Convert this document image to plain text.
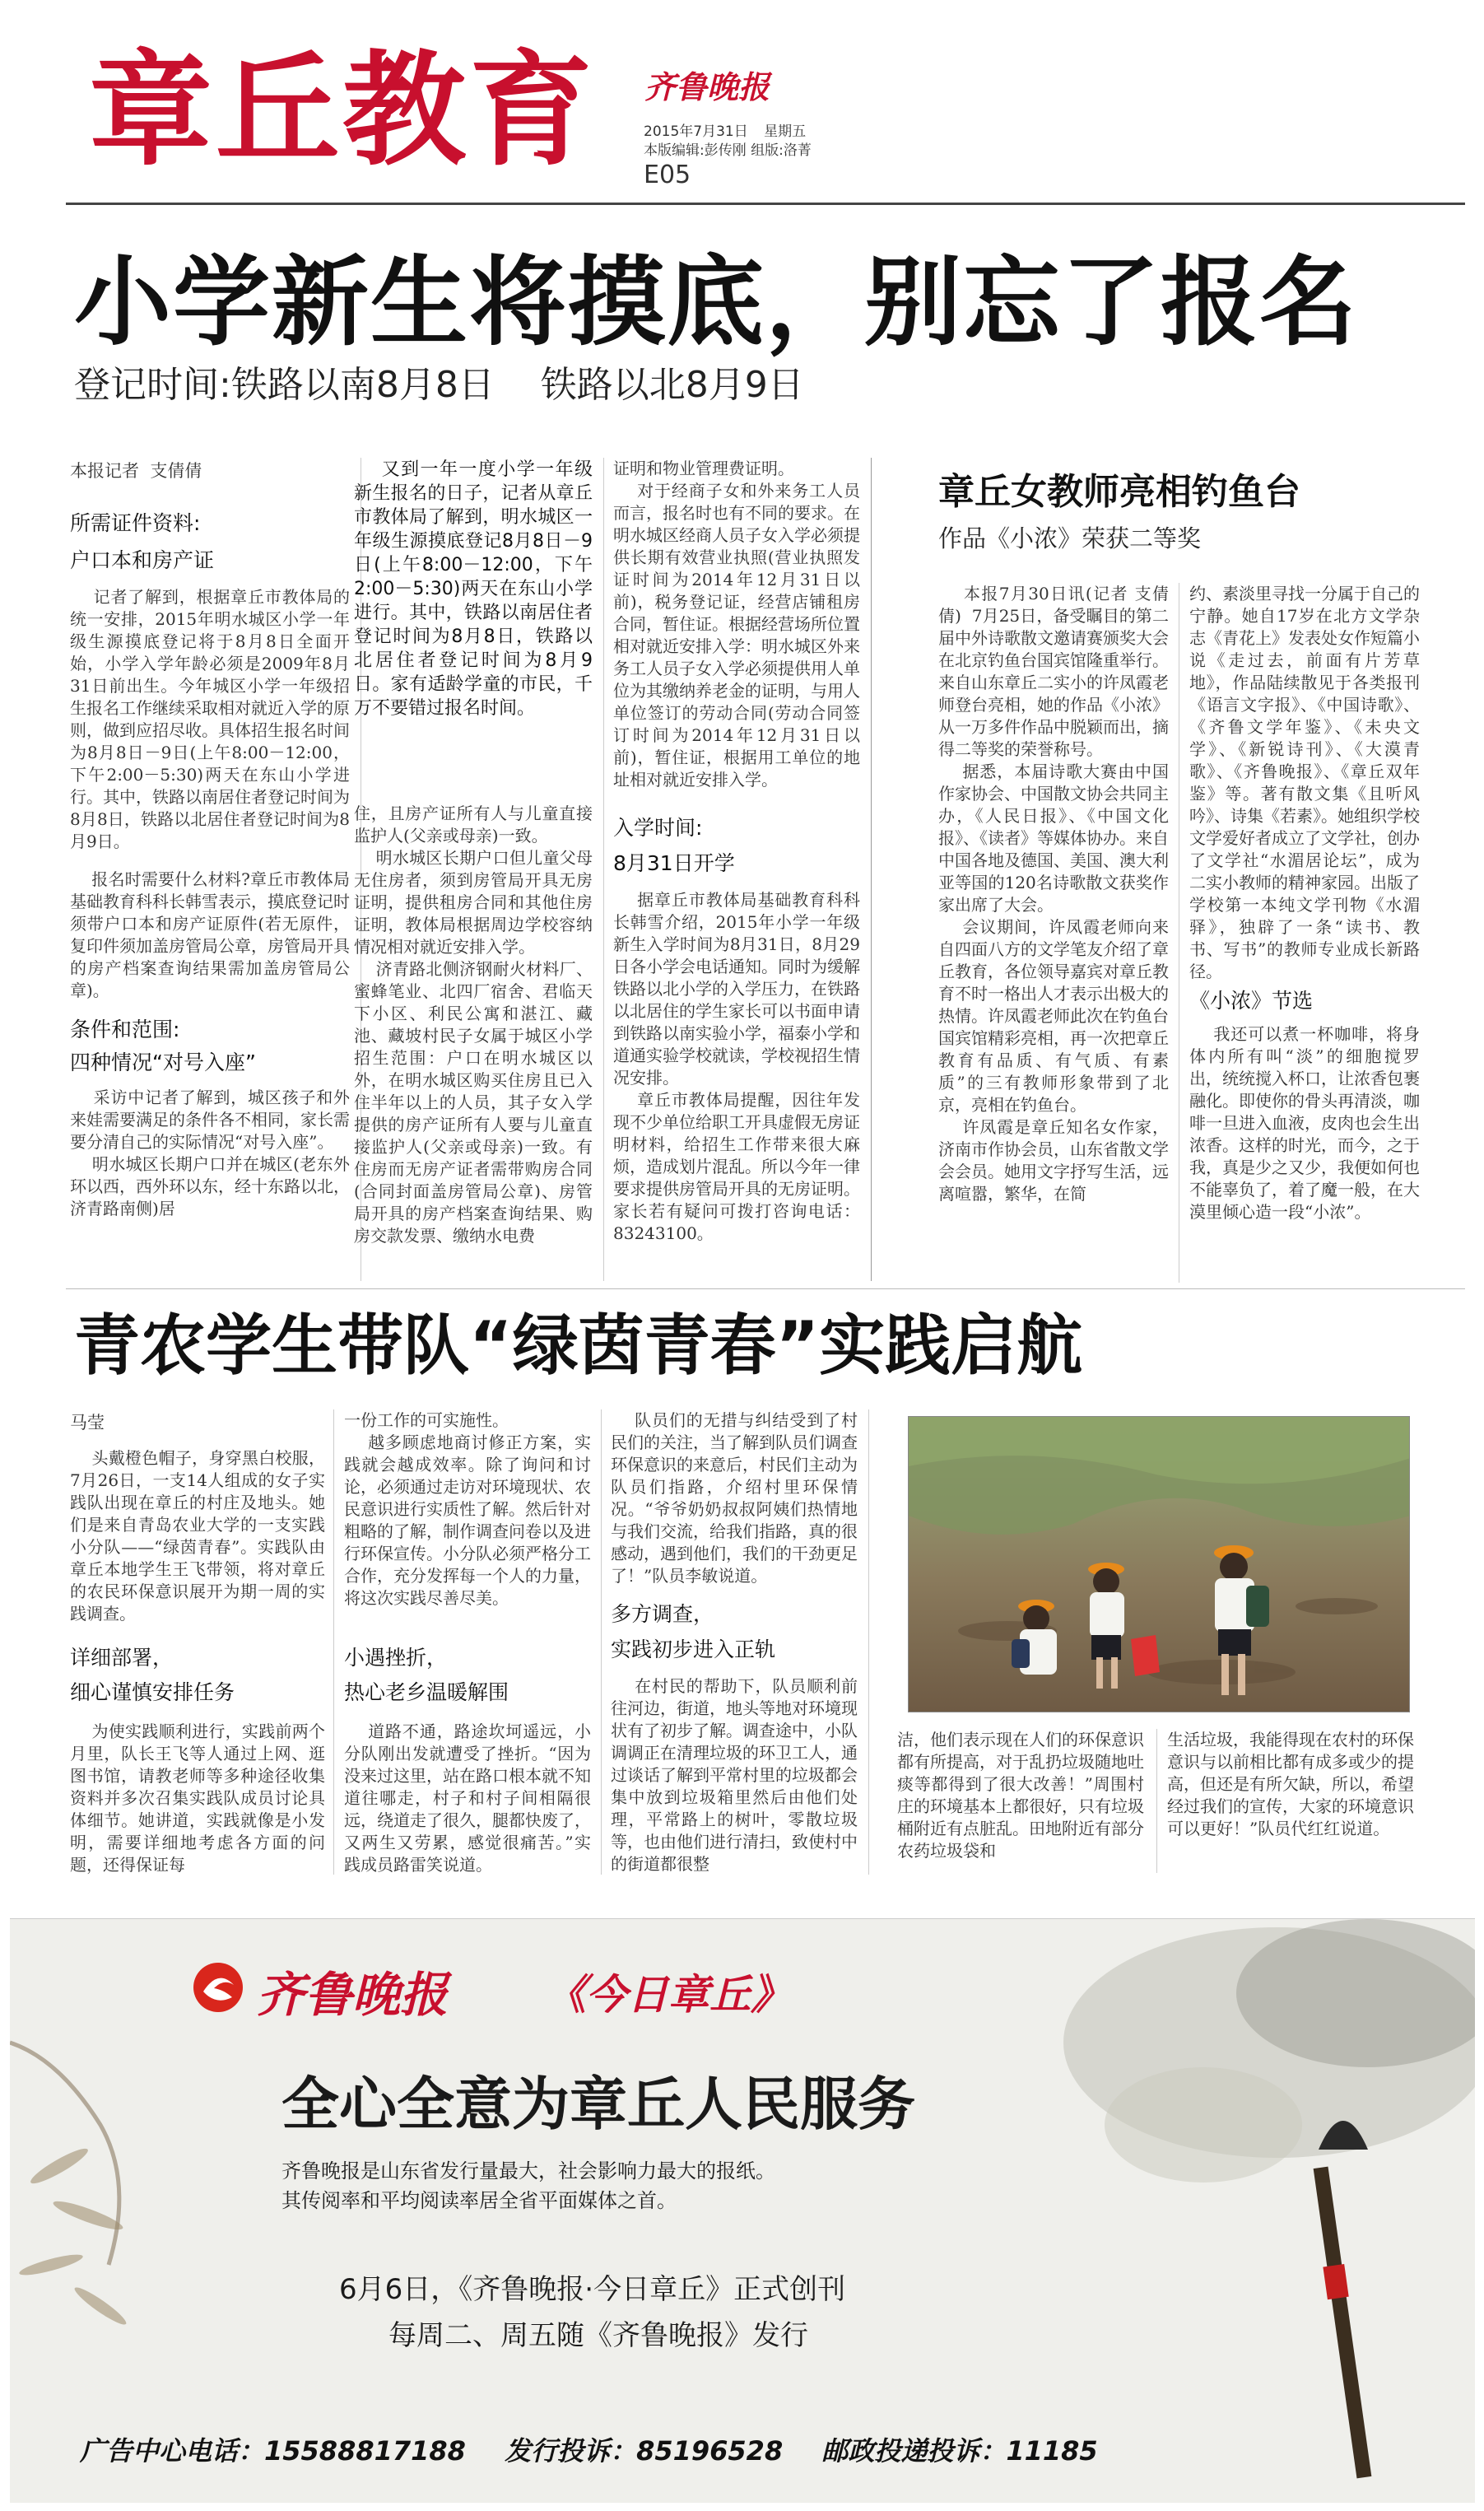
章丘教育 齐鲁晚报
2015年7月31日 星期五
本版编辑:彭传刚 组版:洛菁
E05
小学新生将摸底，别忘了报名
登记时间:铁路以南8月8日    铁路以北8月9日
本报记者  支倩倩
所需证件资料:
户口本和房产证
记者了解到，根据章丘市教体局的统一安排，2015年明水城区小学一年级生源摸底登记将于8月8日全面开始，小学入学年龄必须是2009年8月31日前出生。今年城区小学一年级招生报名工作继续采取相对就近入学的原则，做到应招尽收。具体招生报名时间为8月8日－9日(上午8:00－12:00，下午2:00－5:30)两天在东山小学进行。其中，铁路以南居住者登记时间为8月8日，铁路以北居住者登记时间为8月9日。
报名时需要什么材料?章丘市教体局基础教育科科长韩雪表示，摸底登记时须带户口本和房产证原件(若无原件，复印件须加盖房管局公章，房管局开具的房产档案查询结果需加盖房管局公章)。
条件和范围:
四种情况“对号入座”
采访中记者了解到，城区孩子和外来娃需要满足的条件各不相同，家长需要分清自己的实际情况“对号入座”。
明水城区长期户口并在城区(老东外环以西，西外环以东，经十东路以北，济青路南侧)居
又到一年一度小学一年级新生报名的日子，记者从章丘市教体局了解到，明水城区一年级生源摸底登记8月8日－9日(上午8:00－12:00，下午2:00－5:30)两天在东山小学进行。其中，铁路以南居住者登记时间为8月8日，铁路以北居住者登记时间为8月9日。家有适龄学童的市民，千万不要错过报名时间。
住，且房产证所有人与儿童直接监护人(父亲或母亲)一致。
明水城区长期户口但儿童父母无住房者，须到房管局开具无房证明，提供租房合同和其他住房证明，教体局根据周边学校容纳情况相对就近安排入学。
济青路北侧济钢耐火材料厂、蜜蜂笔业、北四厂宿舍、君临天下小区、利民公寓和湛江、藏池、藏坡村民子女属于城区小学招生范围：户口在明水城区以外，在明水城区购买住房且已入住半年以上的人员，其子女入学提供的房产证所有人要与儿童直接监护人(父亲或母亲)一致。有住房而无房产证者需带购房合同(合同封面盖房管局公章)、房管局开具的房产档案查询结果、购房交款发票、缴纳水电费
证明和物业管理费证明。
对于经商子女和外来务工人员而言，报名时也有不同的要求。在明水城区经商人员子女入学必须提供长期有效营业执照(营业执照发证时间为2014年12月31日以前)，税务登记证，经营店铺租房合同，暂住证。根据经营场所位置相对就近安排入学：明水城区外来务工人员子女入学必须提供用人单位为其缴纳养老金的证明，与用人单位签订的劳动合同(劳动合同签订时间为2014年12月31日以前)，暂住证，根据用工单位的地址相对就近安排入学。
入学时间:
8月31日开学
据章丘市教体局基础教育科科长韩雪介绍，2015年小学一年级新生入学时间为8月31日，8月29日各小学会电话通知。同时为缓解铁路以北小学的入学压力，在铁路以北居住的学生家长可以书面申请到铁路以南实验小学，福泰小学和道通实验学校就读，学校视招生情况安排。
章丘市教体局提醒，因往年发现不少单位给职工开具虚假无房证明材料，给招生工作带来很大麻烦，造成划片混乱。所以今年一律要求提供房管局开具的无房证明。家长若有疑问可拨打咨询电话：83243100。
章丘女教师亮相钓鱼台
作品《小浓》荣获二等奖
本报7月30日讯(记者 支倩倩)  7月25日，备受瞩目的第二届中外诗歌散文邀请赛颁奖大会在北京钓鱼台国宾馆隆重举行。来自山东章丘二实小的许凤霞老师登台亮相，她的作品《小浓》从一万多件作品中脱颖而出，摘得二等奖的荣誉称号。
据悉，本届诗歌大赛由中国作家协会、中国散文协会共同主办，《人民日报》、《中国文化报》、《读者》等媒体协办。来自中国各地及德国、美国、澳大利亚等国的120名诗歌散文获奖作家出席了大会。
会议期间，许凤霞老师向来自四面八方的文学笔友介绍了章丘教育，各位领导嘉宾对章丘教育不时一格出人才表示出极大的热情。许凤霞老师此次在钓鱼台国宾馆精彩亮相，再一次把章丘教育有品质、有气质、有素质”的三有教师形象带到了北京，亮相在钓鱼台。
许凤霞是章丘知名女作家，济南市作协会员，山东省散文学会会员。她用文字抒写生活，远离喧嚣，繁华，在简
约、素淡里寻找一分属于自己的宁静。她自17岁在北方文学杂志《青花上》发表处女作短篇小说《走过去，前面有片芳草地》，作品陆续散见于各类报刊《语言文字报》、《中国诗歌》、《齐鲁文学年鉴》、《未央文学》、《新锐诗刊》、《大漠青歌》、《齐鲁晚报》、《章丘双年鉴》等。著有散文集《且听风吟》、诗集《若素》。她组织学校文学爱好者成立了文学社，创办了文学社“水湄居论坛”，成为二实小教师的精神家园。出版了学校第一本纯文学刊物《水湄驿》，独辟了一条“读书、教书、写书”的教师专业成长新路径。
《小浓》节选
我还可以煮一杯咖啡，将身体内所有叫“淡”的细胞搅罗出，统统搅入杯口，让浓香包裹融化。即使你的骨头再清淡，咖啡一旦进入血液，皮肉也会生出浓香。这样的时光，而今，之于我，真是少之又少，我便如何也不能辜负了，着了魔一般，在大漠里倾心造一段“小浓”。
青农学生带队“绿茵青春”实践启航
马莹
头戴橙色帽子，身穿黑白校服，7月26日，一支14人组成的女子实践队出现在章丘的村庄及地头。她们是来自青岛农业大学的一支实践小分队——“绿茵青春”。实践队由章丘本地学生王飞带领，将对章丘的农民环保意识展开为期一周的实践调查。
详细部署，
细心谨慎安排任务
为使实践顺利进行，实践前两个月里，队长王飞等人通过上网、逛图书馆，请教老师等多种途径收集资料并多次召集实践队成员讨论具体细节。她讲道，实践就像是小发明，需要详细地考虑各方面的问题，还得保证每
一份工作的可实施性。
越多顾虑地商讨修正方案，实践就会越成效率。除了询问和讨论，必须通过走访对环境现状、农民意识进行实质性了解。然后针对粗略的了解，制作调查问卷以及进行环保宣传。小分队必须严格分工合作，充分发挥每一个人的力量，将这次实践尽善尽美。
小遇挫折，
热心老乡温暖解围
道路不通，路途坎坷遥远，小分队刚出发就遭受了挫折。“因为没来过这里，站在路口根本就不知道往哪走，村子和村子间相隔很远，绕道走了很久，腿都快废了，又两生又劳累，感觉很痛苦。”实践成员路雷笑说道。
队员们的无措与纠结受到了村民们的关注，当了解到队员们调查环保意识的来意后，村民们主动为队员们指路，介绍村里环保情况。“爷爷奶奶叔叔阿姨们热情地与我们交流，给我们指路，真的很感动，遇到他们，我们的干劲更足了！”队员李敏说道。
多方调查，
实践初步进入正轨
在村民的帮助下，队员顺利前往河边，街道，地头等地对环境现状有了初步了解。调查途中，小队调调正在清理垃圾的环卫工人，通过谈话了解到平常村里的垃圾都会集中放到垃圾箱里然后由他们处理，平常路上的树叶，零散垃圾等，也由他们进行清扫，致使村中的街道都很整
洁，他们表示现在人们的环保意识都有所提高，对于乱扔垃圾随地吐痰等都得到了很大改善！”周围村庄的环境基本上都很好，只有垃圾桶附近有点脏乱。田地附近有部分农药垃圾袋和
生活垃圾，我能得现在农村的环保意识与以前相比都有成多或少的提高，但还是有所欠缺，所以，希望经过我们的宣传，大家的环境意识可以更好！”队员代红红说道。
齐鲁晚报 《今日章丘》
全心全意为章丘人民服务
齐鲁晚报是山东省发行量最大，社会影响力最大的报纸。
其传阅率和平均阅读率居全省平面媒体之首。
6月6日，《齐鲁晚报·今日章丘》正式创刊
每周二、周五随《齐鲁晚报》发行
广告中心电话：15588817188 发行投诉：85196528 邮政投递投诉：11185
